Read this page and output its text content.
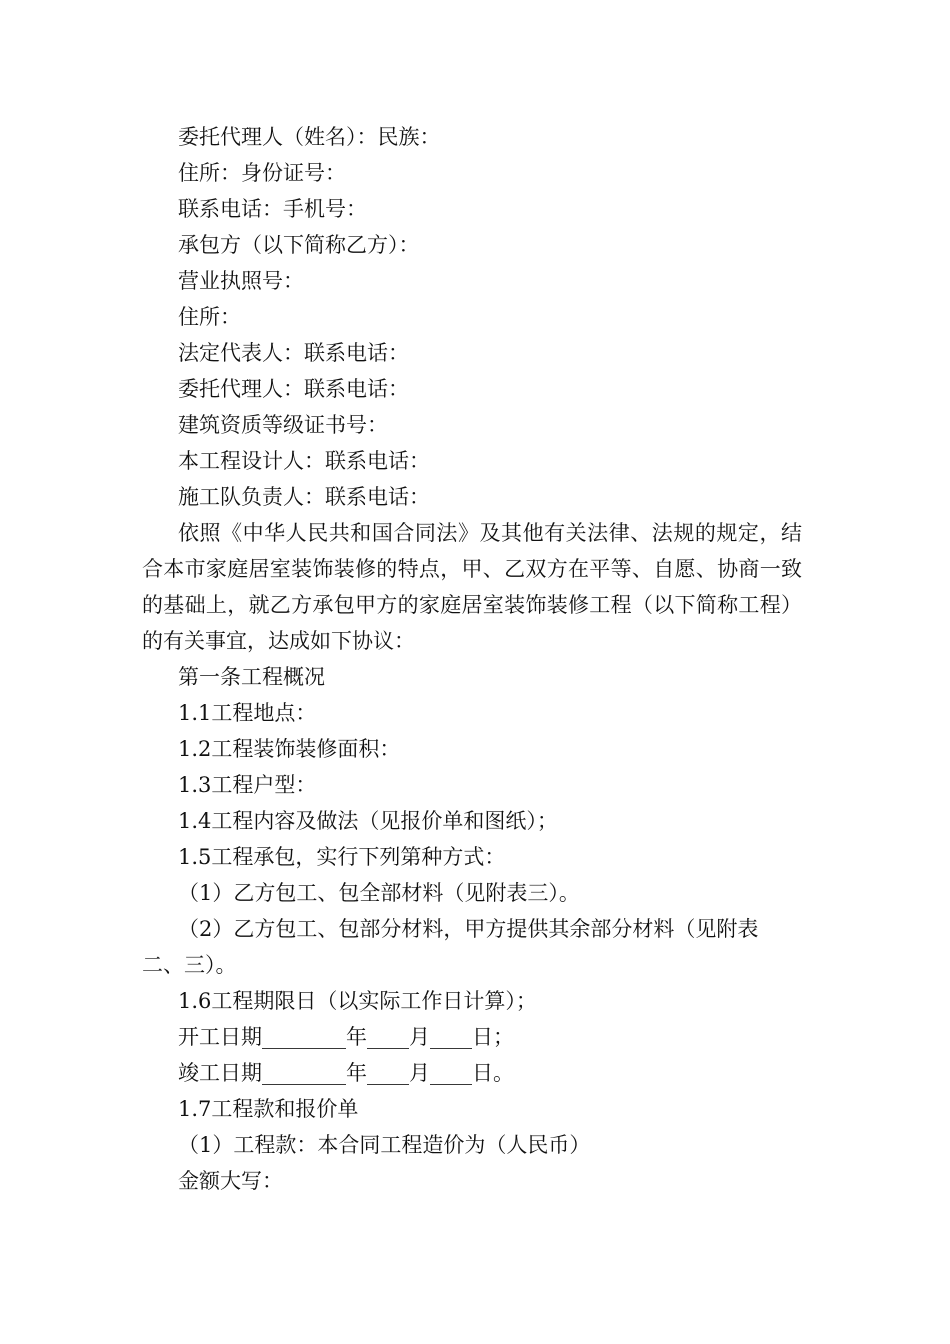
委托代理人（姓名）：民族：
住所：身份证号：
联系电话：手机号：
承包方（以下简称乙方）：
营业执照号：
住所：
法定代表人：联系电话：
委托代理人：联系电话：
建筑资质等级证书号：
本工程设计人：联系电话：
施工队负责人：联系电话：
依照《中华人民共和国合同法》及其他有关法律、法规的规定，结合本市家庭居室装饰装修的特点，甲、乙双方在平等、自愿、协商一致的基础上，就乙方承包甲方的家庭居室装饰装修工程（以下简称工程）的有关事宜，达成如下协议：
第一条工程概况
1.1工程地点：
1.2工程装饰装修面积：
1.3工程户型：
1.4工程内容及做法（见报价单和图纸）；
1.5工程承包，实行下列第种方式：
（1）乙方包工、包全部材料（见附表三）。
（2）乙方包工、包部分材料，甲方提供其余部分材料（见附表
二、三）。
1.6工程期限日（以实际工作日计算）；
开工日期________年____月____日；
竣工日期________年____月____日。
1.7工程款和报价单
（1）工程款：本合同工程造价为（人民币）
金额大写：
